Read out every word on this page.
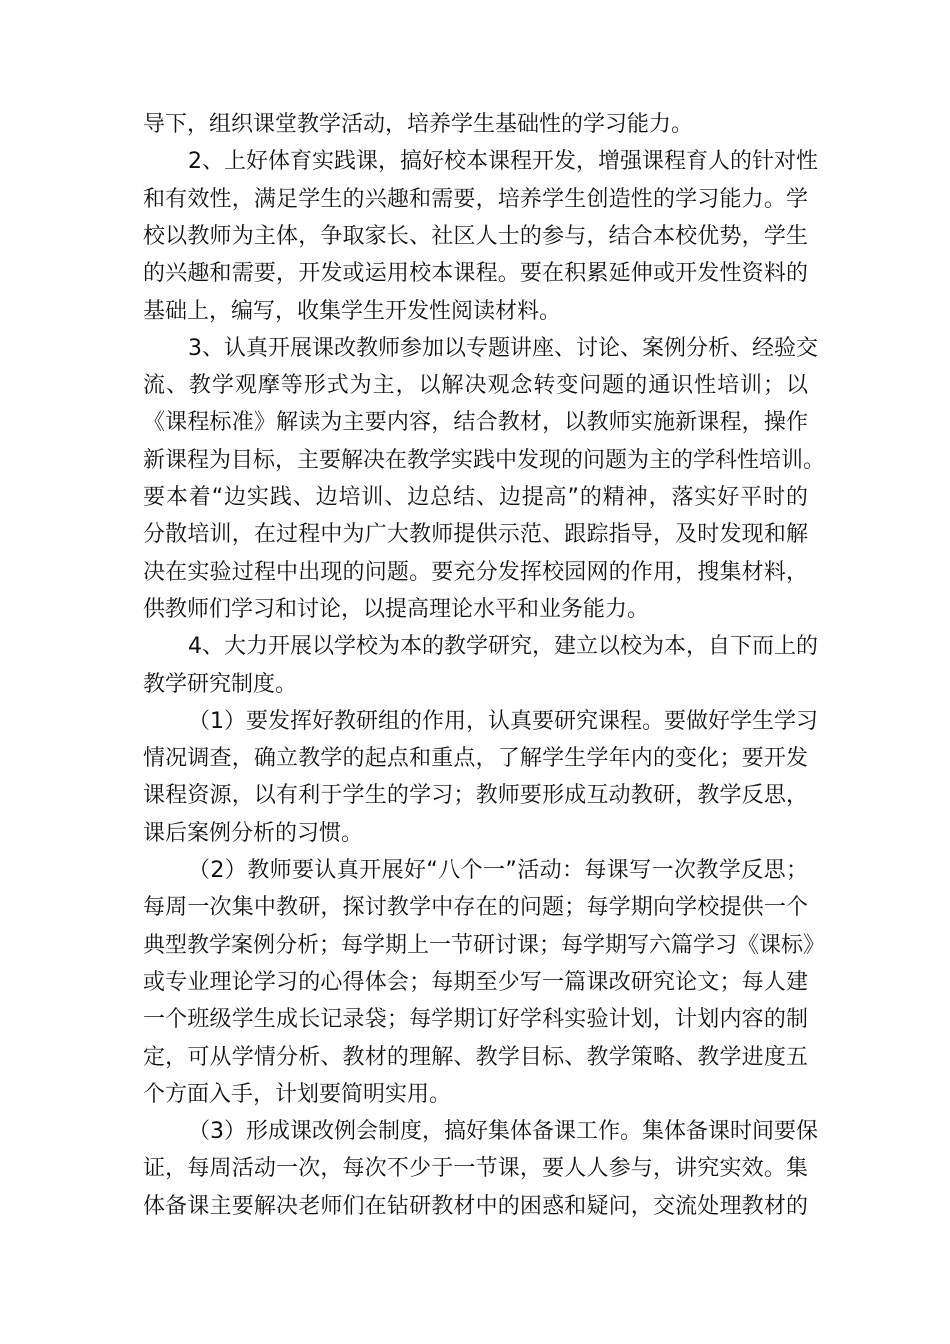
导下，组织课堂教学活动，培养学生基础性的学习能力。
2、上好体育实践课，搞好校本课程开发，增强课程育人的针对性
和有效性，满足学生的兴趣和需要，培养学生创造性的学习能力。学
校以教师为主体，争取家长、社区人士的参与，结合本校优势，学生
的兴趣和需要，开发或运用校本课程。要在积累延伸或开发性资料的
基础上，编写，收集学生开发性阅读材料。
3、认真开展课改教师参加以专题讲座、讨论、案例分析、经验交
流、教学观摩等形式为主，以解决观念转变问题的通识性培训；以
《课程标准》解读为主要内容，结合教材，以教师实施新课程，操作
新课程为目标，主要解决在教学实践中发现的问题为主的学科性培训。
要本着“边实践、边培训、边总结、边提高”的精神，落实好平时的
分散培训，在过程中为广大教师提供示范、跟踪指导，及时发现和解
决在实验过程中出现的问题。要充分发挥校园网的作用，搜集材料，
供教师们学习和讨论，以提高理论水平和业务能力。
4、大力开展以学校为本的教学研究，建立以校为本，自下而上的
教学研究制度。
（1）要发挥好教研组的作用，认真要研究课程。要做好学生学习
情况调查，确立教学的起点和重点，了解学生学年内的变化；要开发
课程资源，以有利于学生的学习；教师要形成互动教研，教学反思，
课后案例分析的习惯。
（2）教师要认真开展好“八个一”活动：每课写一次教学反思；
每周一次集中教研，探讨教学中存在的问题；每学期向学校提供一个
典型教学案例分析；每学期上一节研讨课；每学期写六篇学习《课标》
或专业理论学习的心得体会；每期至少写一篇课改研究论文；每人建
一个班级学生成长记录袋；每学期订好学科实验计划，计划内容的制
定，可从学情分析、教材的理解、教学目标、教学策略、教学进度五
个方面入手，计划要简明实用。
（3）形成课改例会制度，搞好集体备课工作。集体备课时间要保
证，每周活动一次，每次不少于一节课，要人人参与，讲究实效。集
体备课主要解决老师们在钻研教材中的困惑和疑问，交流处理教材的
